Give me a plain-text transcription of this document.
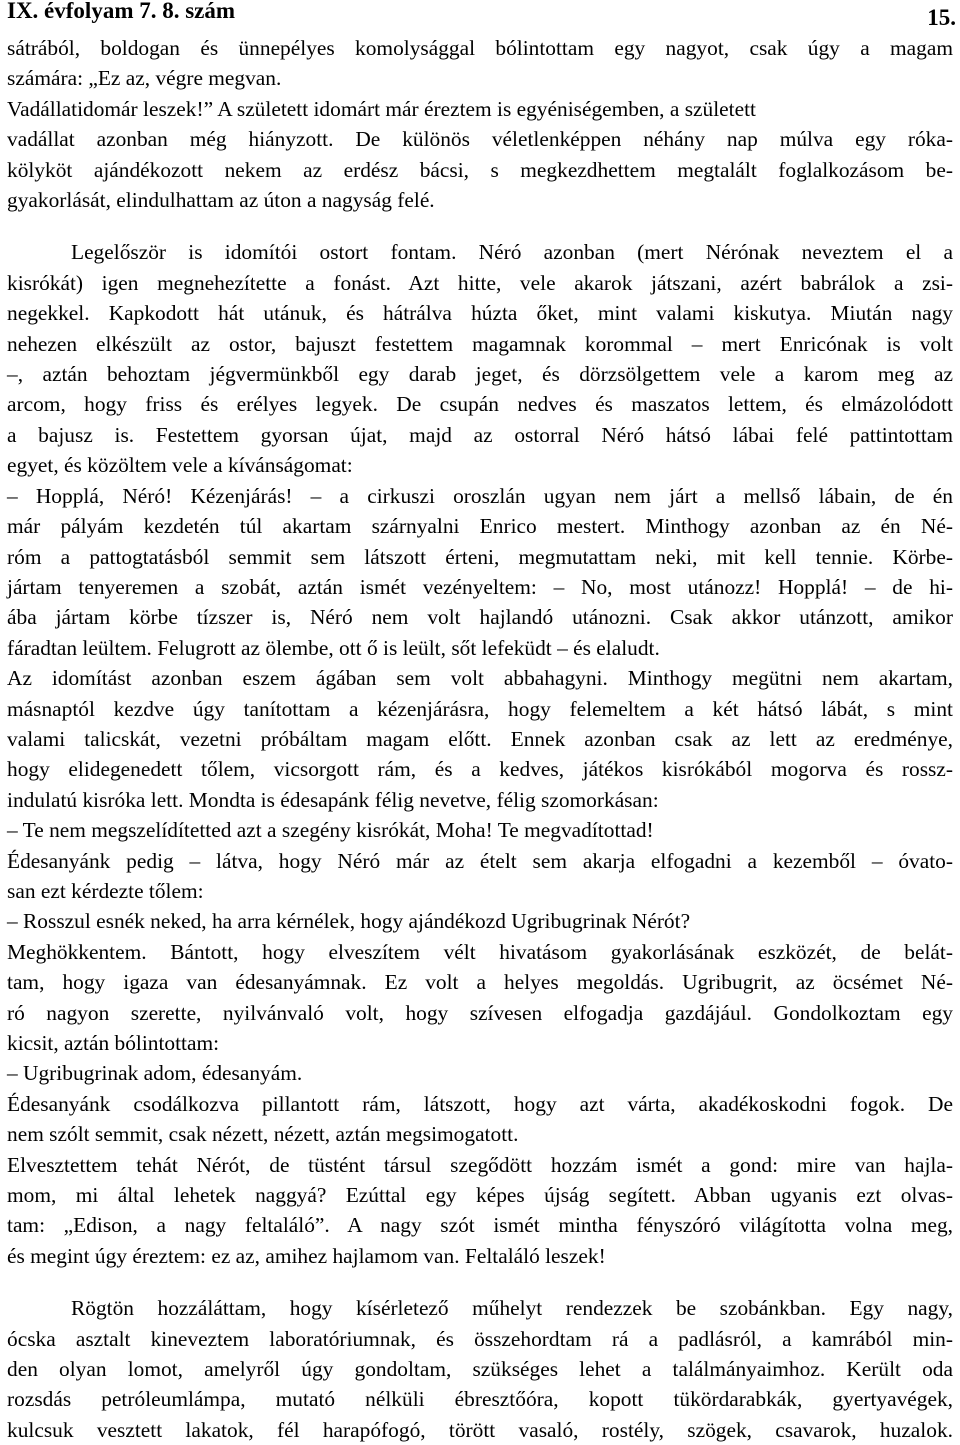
IX. évfolyam 7. 8. szám	15.
sátrából, boldogan és ünnepélyes komolysággal bólintottam egy nagyot, csak úgy a magam
számára: „Ez az, végre megvan.
Vadállatidomár leszek!” A született idomárt már éreztem is egyéniségemben, a született
vadállat azonban még hiányzott. De különös véletlenképpen néhány nap múlva egy róka-
kölyköt ajándékozott nekem az erdész bácsi, s megkezdhettem megtalált foglalkozásom be-
gyakorlását, elindulhattam az úton a nagyság felé.
Legelőször is idomítói ostort fontam. Néró azonban (mert Nérónak neveztem el a
kisrókát) igen megnehezítette a fonást. Azt hitte, vele akarok játszani, azért babrálok a zsi-
negekkel. Kapkodott hát utánuk, és hátrálva húzta őket, mint valami kiskutya. Miután nagy
nehezen elkészült az ostor, bajuszt festettem magamnak korommal – mert Enricónak is volt
–, aztán behoztam jégvermünkből egy darab jeget, és dörzsölgettem vele a karom meg az
arcom, hogy friss és erélyes legyek. De csupán nedves és maszatos lettem, és elmázolódott
a bajusz is. Festettem gyorsan újat, majd az ostorral Néró hátsó lábai felé pattintottam
egyet, és közöltem vele a kívánságomat:
– Hopplá, Néró! Kézenjárás! – a cirkuszi oroszlán ugyan nem járt a mellső lábain, de én
már pályám kezdetén túl akartam szárnyalni Enrico mestert. Minthogy azonban az én Né-
róm a pattogtatásból semmit sem látszott érteni, megmutattam neki, mit kell tennie. Körbe-
jártam tenyeremen a szobát, aztán ismét vezényeltem: – No, most utánozz! Hopplá! – de hi-
ába jártam körbe tízszer is, Néró nem volt hajlandó utánozni. Csak akkor utánzott, amikor
fáradtan leültem. Felugrott az ölembe, ott ő is leült, sőt lefeküdt – és elaludt.
Az idomítást azonban eszem ágában sem volt abbahagyni. Minthogy megütni nem akartam,
másnaptól kezdve úgy tanítottam a kézenjárásra, hogy felemeltem a két hátsó lábát, s mint
valami talicskát, vezetni próbáltam magam előtt. Ennek azonban csak az lett az eredménye,
hogy elidegenedett tőlem, vicsorgott rám, és a kedves, játékos kisrókából mogorva és rossz-
indulatú kisróka lett. Mondta is édesapánk félig nevetve, félig szomorkásan:
– Te nem megszelídítetted azt a szegény kisrókát, Moha! Te megvadítottad!
Édesanyánk pedig – látva, hogy Néró már az ételt sem akarja elfogadni a kezemből – óvato-
san ezt kérdezte tőlem:
– Rosszul esnék neked, ha arra kérnélek, hogy ajándékozd Ugribugrinak Nérót?
Meghökkentem. Bántott, hogy elveszítem vélt hivatásom gyakorlásának eszközét, de belát-
tam, hogy igaza van édesanyámnak. Ez volt a helyes megoldás. Ugribugrit, az öcsémet Né-
ró nagyon szerette, nyilvánvaló volt, hogy szívesen elfogadja gazdájául. Gondolkoztam egy
kicsit, aztán bólintottam:
– Ugribugrinak adom, édesanyám.
Édesanyánk csodálkozva pillantott rám, látszott, hogy azt várta, akadékoskodni fogok. De
nem szólt semmit, csak nézett, nézett, aztán megsimogatott.
Elvesztettem tehát Nérót, de tüstént társul szegődött hozzám ismét a gond: mire van hajla-
mom, mi által lehetek naggyá? Ezúttal egy képes újság segített. Abban ugyanis ezt olvas-
tam: „Edison, a nagy feltaláló”. A nagy szót ismét mintha fényszóró világította volna meg,
és megint úgy éreztem: ez az, amihez hajlamom van. Feltaláló leszek!
Rögtön hozzáláttam, hogy kísérletező műhelyt rendezzek be szobánkban. Egy nagy,
ócska asztalt kineveztem laboratóriumnak, és összehordtam rá a padlásról, a kamrából min-
den olyan lomot, amelyről úgy gondoltam, szükséges lehet a találmányaimhoz. Került oda
rozsdás petróleumlámpa, mutató nélküli ébresztőóra, kopott tükördarabkák, gyertyavégek,
kulcsuk vesztett lakatok, fél harapófogó, törött vasaló, rostély, szögek, csavarok, huzalok.
